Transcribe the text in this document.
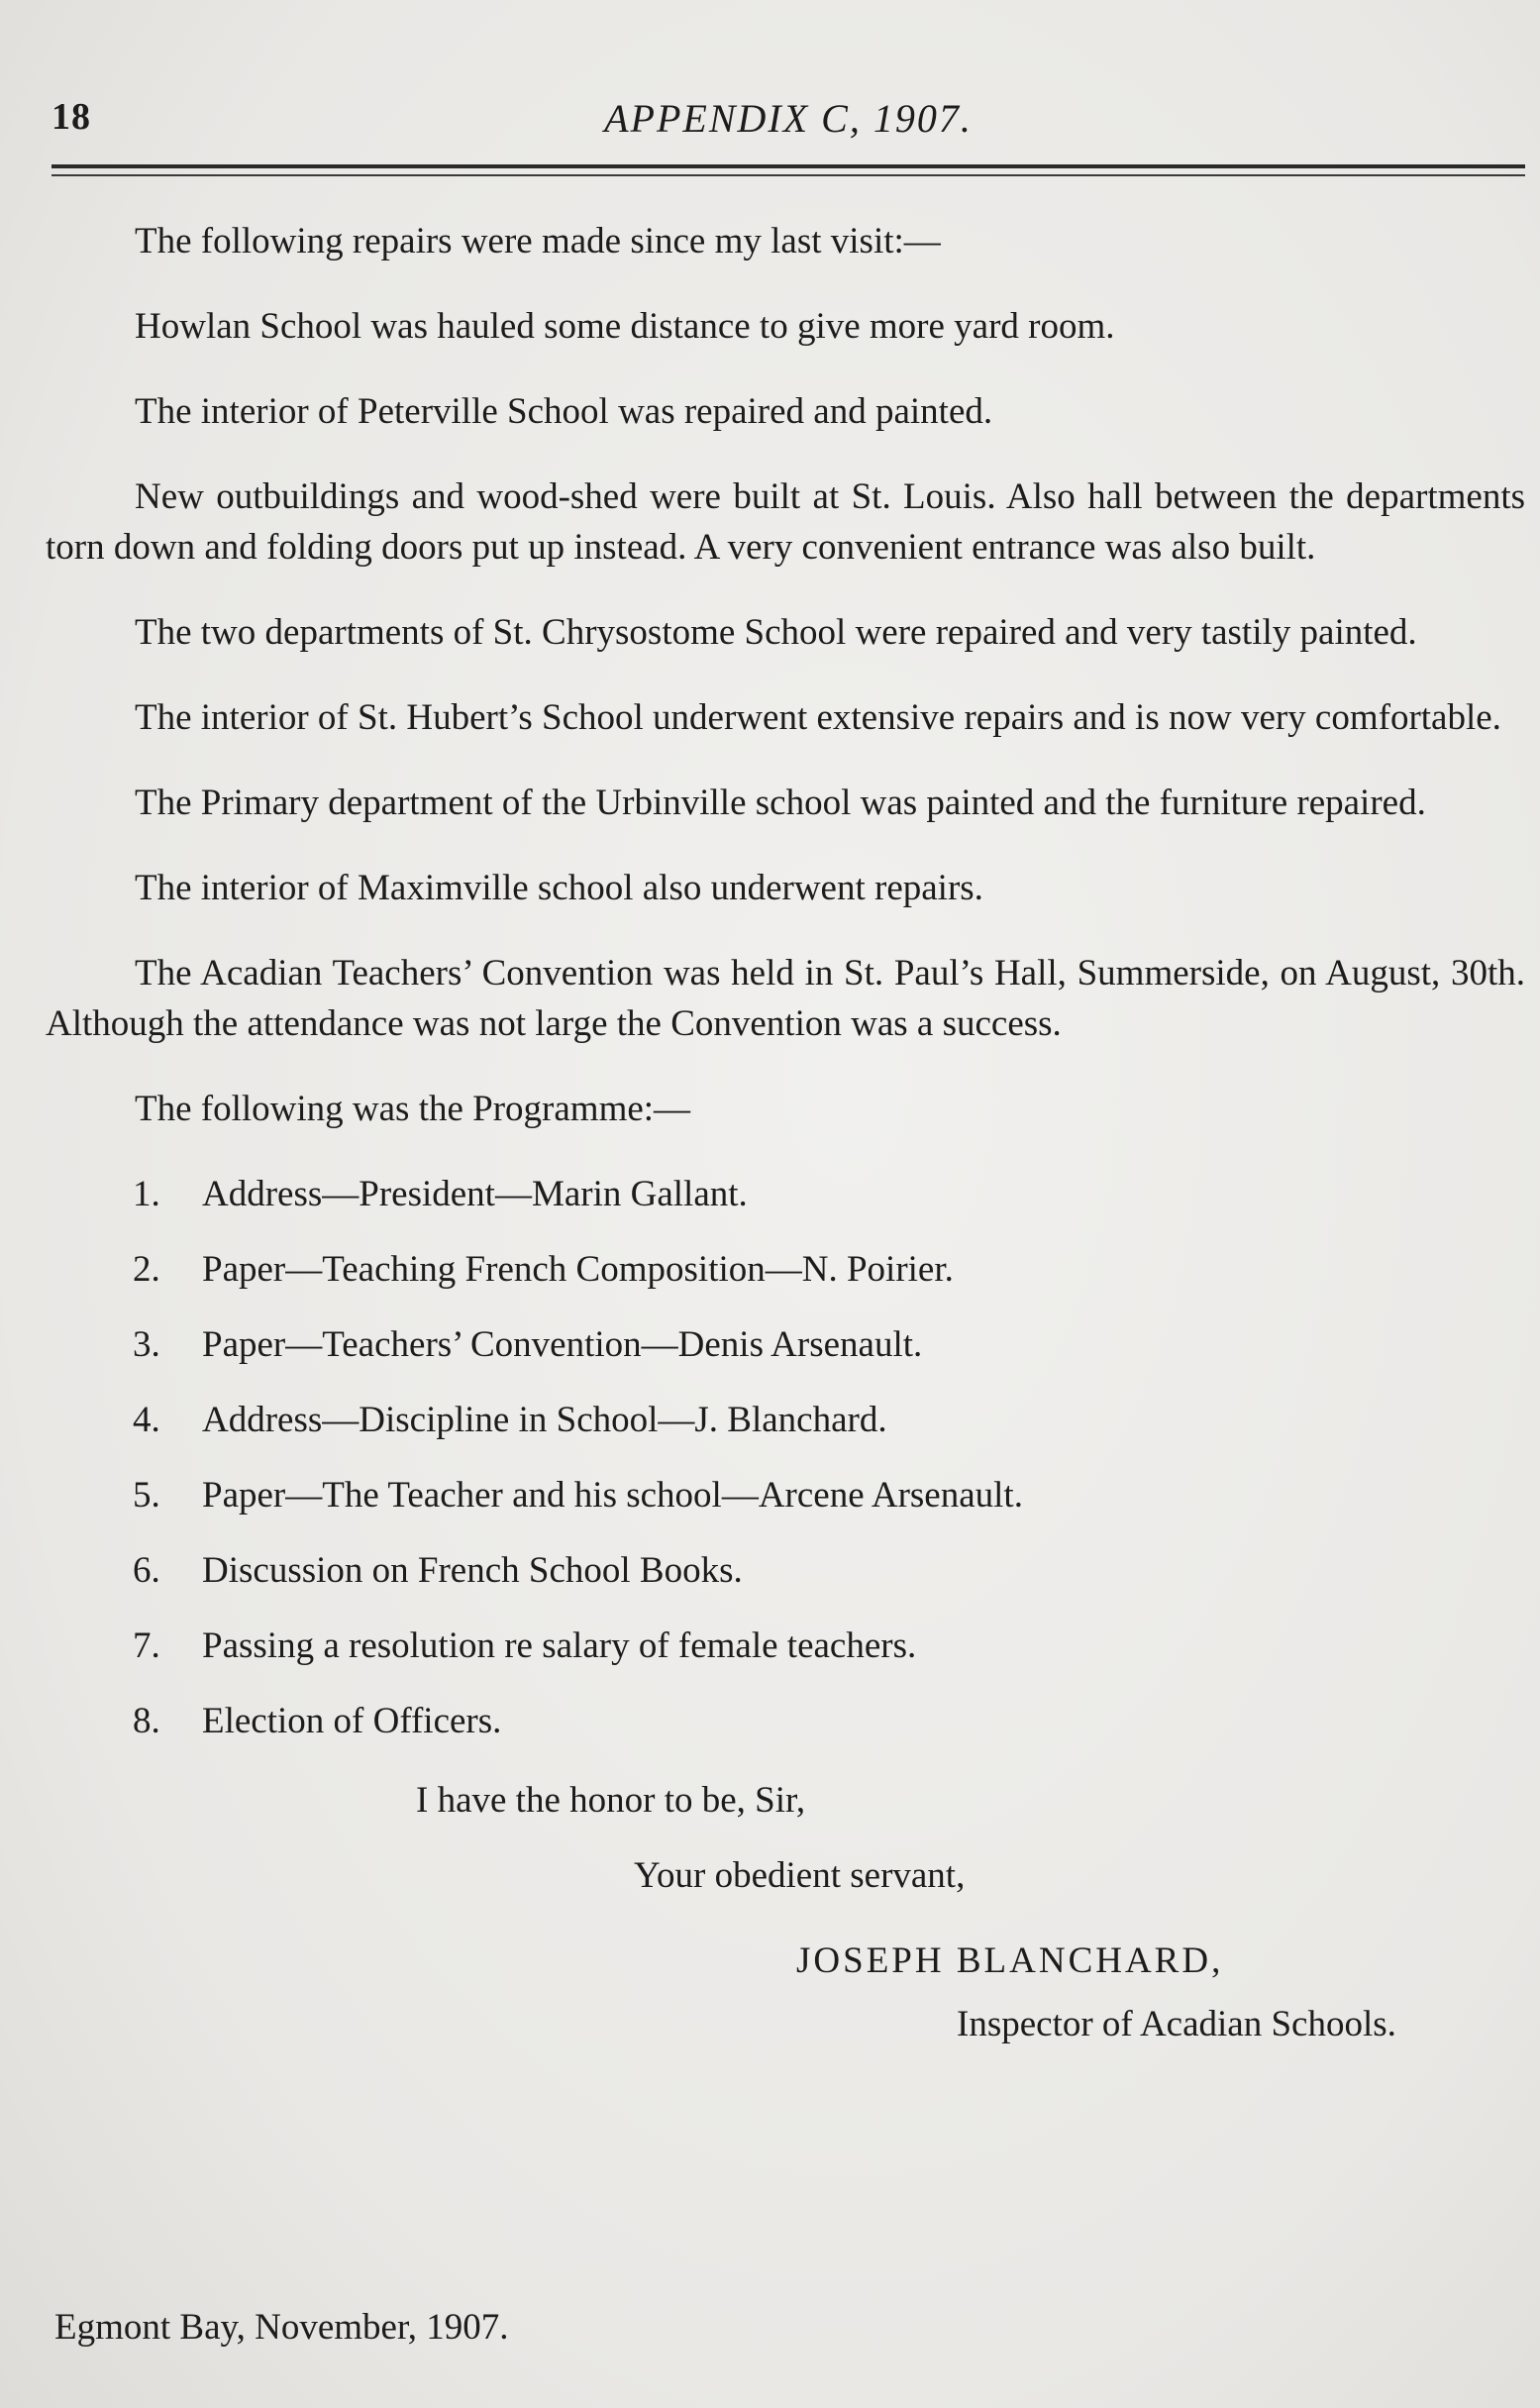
18	APPENDIX C, 1907.

The following repairs were made since my last visit:—

Howlan School was hauled some distance to give more yard room.

The interior of Peterville School was repaired and painted.

New outbuildings and wood-shed were built at St. Louis. Also hall between the departments torn down and folding doors put up instead. A very convenient entrance was also built.

The two departments of St. Chrysostome School were repaired and very tastily painted.

The interior of St. Hubert’s School underwent extensive repairs and is now very comfortable.

The Primary department of the Urbinville school was painted and the furniture repaired.

The interior of Maximville school also underwent repairs.

The Acadian Teachers’ Convention was held in St. Paul’s Hall, Summerside, on August, 30th. Although the attendance was not large the Convention was a success.

The following was the Programme:—

1. Address—President—Marin Gallant.
2. Paper—Teaching French Composition—N. Poirier.
3. Paper—Teachers’ Convention—Denis Arsenault.
4. Address—Discipline in School—J. Blanchard.
5. Paper—The Teacher and his school—Arcene Arsenault.
6. Discussion on French School Books.
7. Passing a resolution re salary of female teachers.
8. Election of Officers.
I have the honor to be, Sir,
Your obedient servant,
JOSEPH BLANCHARD,
Inspector of Acadian Schools.
Egmont Bay, November, 1907.
